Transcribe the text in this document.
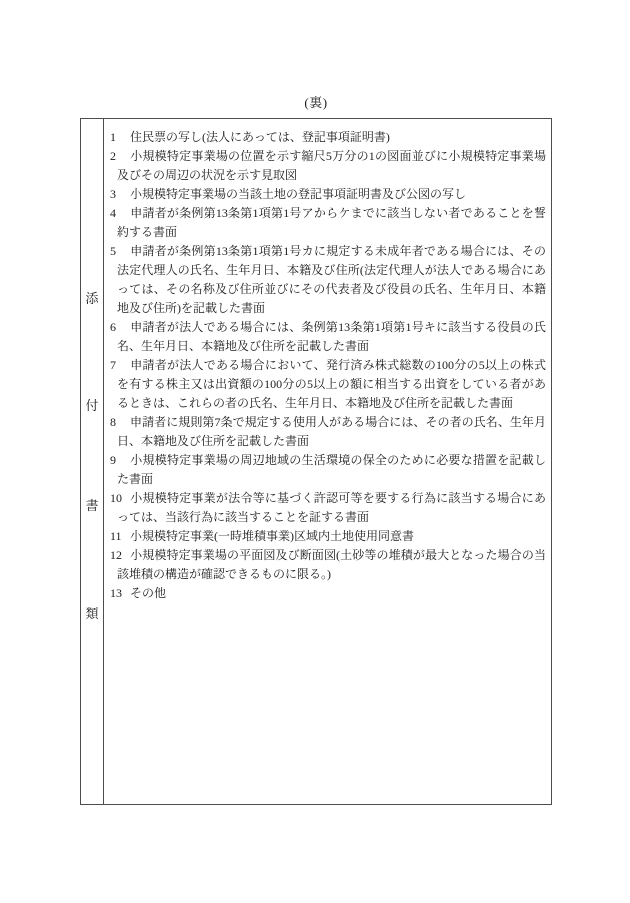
(裏)
添
付
書
類
1 住民票の写し(法人にあっては、登記事項証明書)
2 小規模特定事業場の位置を示す縮尺5万分の1の図面並びに小規模特定事業場及びその周辺の状況を示す見取図
3 小規模特定事業場の当該土地の登記事項証明書及び公図の写し
4 申請者が条例第13条第1項第1号アからケまでに該当しない者であることを誓約する書面
5 申請者が条例第13条第1項第1号カに規定する未成年者である場合には、その法定代理人の氏名、生年月日、本籍及び住所(法定代理人が法人である場合にあっては、その名称及び住所並びにその代表者及び役員の氏名、生年月日、本籍地及び住所)を記載した書面
6 申請者が法人である場合には、条例第13条第1項第1号キに該当する役員の氏名、生年月日、本籍地及び住所を記載した書面
7 申請者が法人である場合において、発行済み株式総数の100分の5以上の株式を有する株主又は出資額の100分の5以上の額に相当する出資をしている者があるときは、これらの者の氏名、生年月日、本籍地及び住所を記載した書面
8 申請者に規則第7条で規定する使用人がある場合には、その者の氏名、生年月日、本籍地及び住所を記載した書面
9 小規模特定事業場の周辺地域の生活環境の保全のために必要な措置を記載した書面
10 小規模特定事業が法令等に基づく許認可等を要する行為に該当する場合にあっては、当該行為に該当することを証する書面
11 小規模特定事業(一時堆積事業)区域内土地使用同意書
12 小規模特定事業場の平面図及び断面図(土砂等の堆積が最大となった場合の当該堆積の構造が確認できるものに限る。)
13 その他
